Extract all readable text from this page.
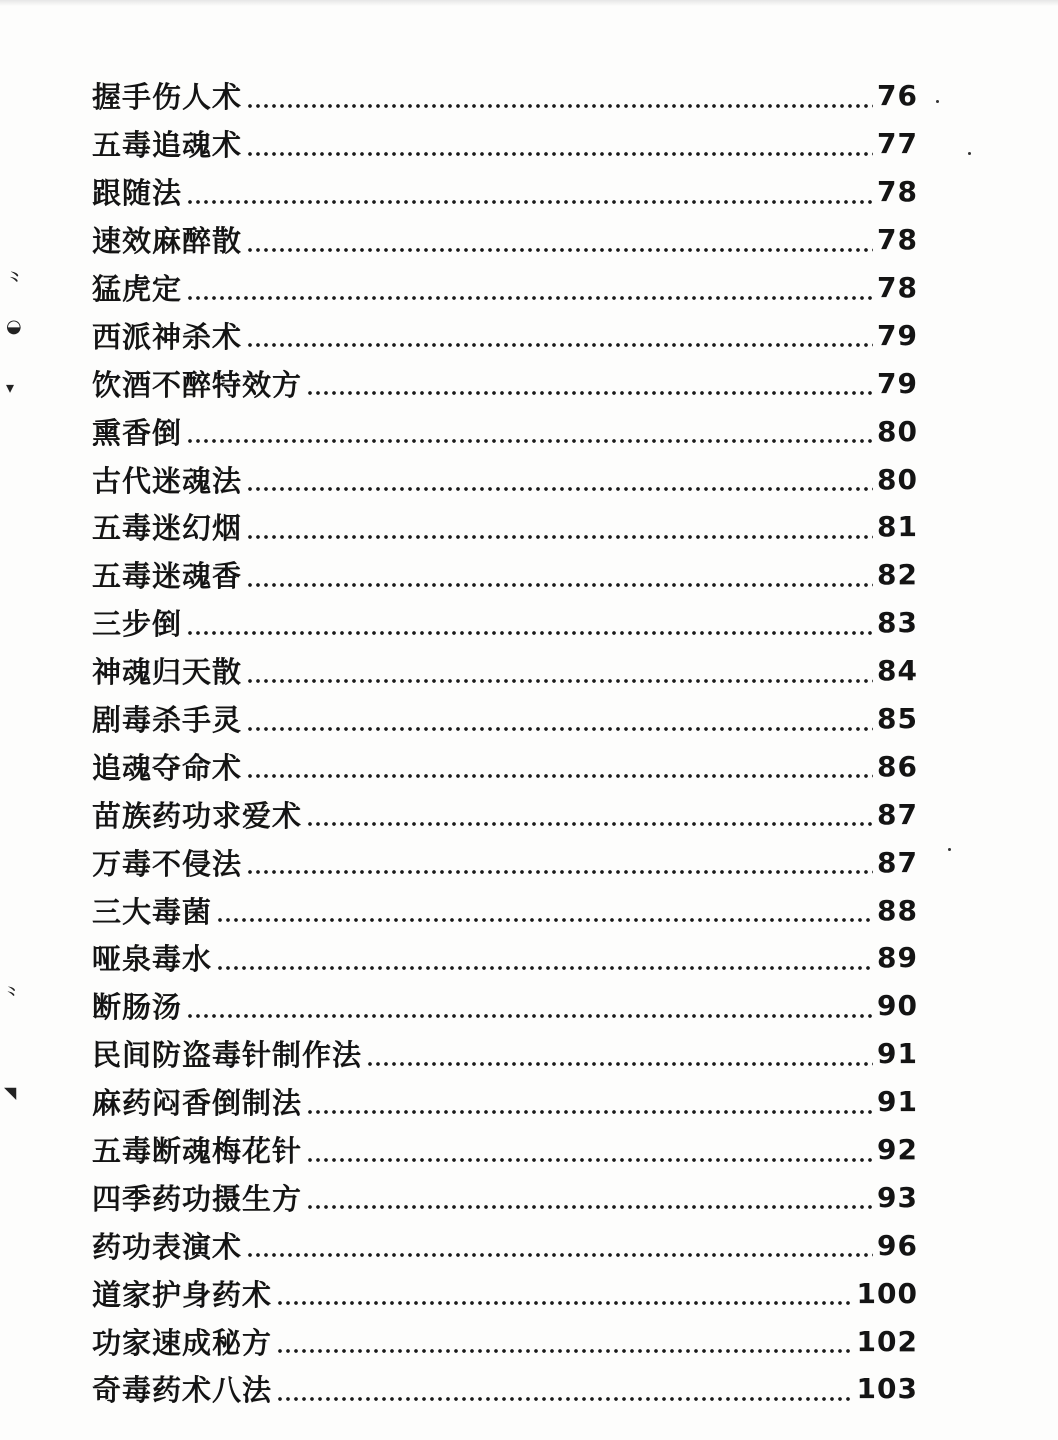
⺀
◒
▾
⺀
◥
握手伤人术	76
五毒追魂术	77
跟随法	78
速效麻醉散	78
猛虎定	78
西派神杀术	79
饮酒不醉特效方	79
熏香倒	80
古代迷魂法	80
五毒迷幻烟	81
五毒迷魂香	82
三步倒	83
神魂归天散	84
剧毒杀手灵	85
追魂夺命术	86
苗族药功求爱术	87
万毒不侵法	87
三大毒菌	88
哑泉毒水	89
断肠汤	90
民间防盗毒针制作法	91
麻药闷香倒制法	91
五毒断魂梅花针	92
四季药功摄生方	93
药功表演术	96
道家护身药术	100
功家速成秘方	102
奇毒药术八法	103
